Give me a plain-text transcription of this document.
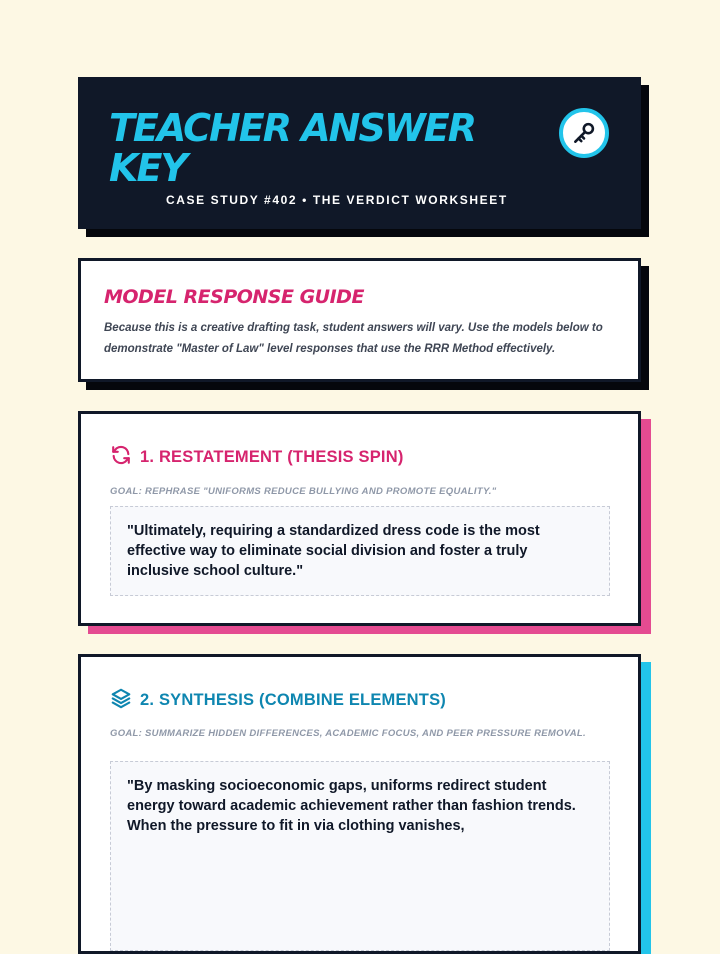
TEACHER ANSWER KEY
CASE STUDY #402 • THE VERDICT WORKSHEET
MODEL RESPONSE GUIDE

Because this is a creative drafting task, student answers will vary. Use the models below to demonstrate "Master of Law" level responses that use the RRR Method effectively.

1. RESTATEMENT (THESIS SPIN)

GOAL: REPHRASE "UNIFORMS REDUCE BULLYING AND PROMOTE EQUALITY."

"Ultimately, requiring a standardized dress code is the most effective way to eliminate social division and foster a truly inclusive school culture."

2. SYNTHESIS (COMBINE ELEMENTS)

GOAL: SUMMARIZE HIDDEN DIFFERENCES, ACADEMIC FOCUS, AND PEER PRESSURE REMOVAL.

"By masking socioeconomic gaps, uniforms redirect student energy toward academic achievement rather than fashion trends. When the pressure to fit in via clothing vanishes,
